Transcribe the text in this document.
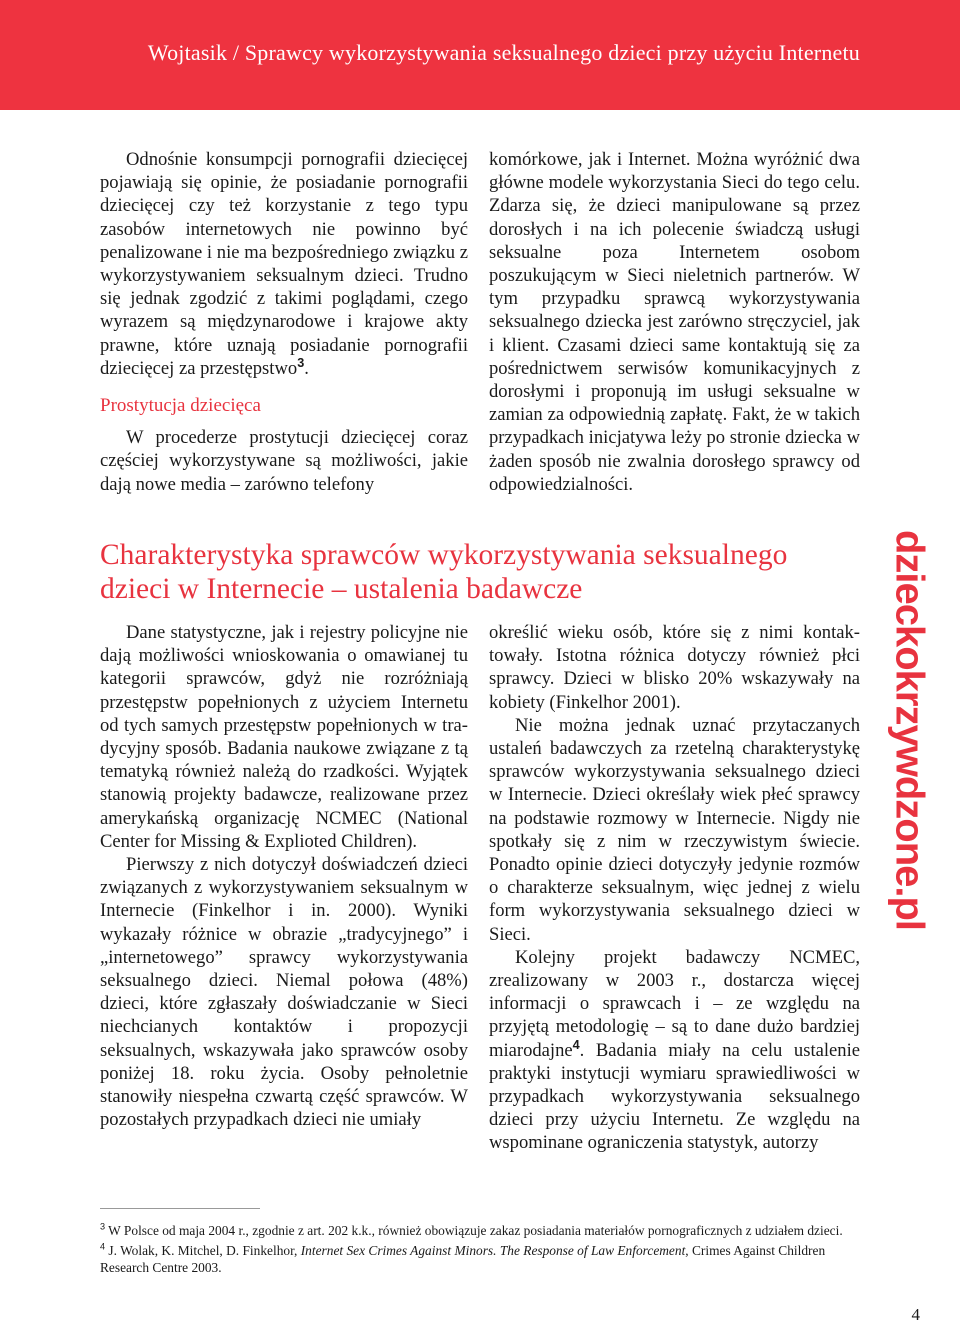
Wojtasik / Sprawcy wykorzystywania seksualnego dzieci przy użyciu Internetu

Odnośnie konsumpcji pornografii dziecięcej pojawiają się opinie, że posiadanie pornografii dziecięcej czy też korzystanie z tego typu zasobów internetowych nie powinno być penalizowane i nie ma bezpośredniego związku z wykorzystywaniem seksualnym dzieci. Trudno się jednak zgodzić z takimi poglądami, czego wyrazem są międzynarodowe i krajowe akty prawne, które uznają posiadanie pornografii dziecięcej za przestępstwo$^3$.

Prostytucja dziecięca

W procederze prostytucji dziecięcej coraz częściej wykorzystywane są możliwości, jakie dają nowe media – zarówno telefony

komórkowe, jak i Internet. Można wyróżnić dwa główne modele wykorzystania Sieci do tego celu. Zdarza się, że dzieci manipulowane są przez dorosłych i na ich polecenie świadczą usługi seksualne poza Internetem osobom poszukującym w Sieci nieletnich partnerów. W tym przypadku sprawcą wykorzystywania seksualnego dziecka jest zarówno stręczyciel, jak i klient. Czasami dzieci same kontaktują się za pośrednictwem serwisów komunikacyjnych z dorosłymi i proponują im usługi seksualne w zamian za odpowiednią zapłatę. Fakt, że w takich przypadkach inicjatywa leży po stronie dziecka w żaden sposób nie zwalnia dorosłego sprawcy od odpowiedzialności.

Charakterystyka sprawców wykorzystywania seksualnego dzieci w Internecie – ustalenia badawcze

Dane statystyczne, jak i rejestry policyjne nie dają możliwości wnioskowania o omawianej tu kategorii sprawców, gdyż nie rozróżniają przestępstw popełnionych z użyciem Internetu od tych samych przestępstw popełnionych w tradycyjny sposób. Badania naukowe związane z tą tematyką również należą do rzadkości. Wyjątek stanowią projekty badawcze, realizowane przez amerykańską organizację NCMEC (National Center for Missing & Explioted Children).

Pierwszy z nich dotyczył doświadczeń dzieci związanych z wykorzystywaniem seksualnym w Internecie (Finkelhor i in. 2000). Wyniki wykazały różnice w obrazie „tradycyjnego” i „internetowego” sprawcy wykorzystywania seksualnego dzieci. Niemal połowa (48%) dzieci, które zgłaszały doświadczanie w Sieci niechcianych kontaktów i propozycji seksualnych, wskazywała jako sprawców osoby poniżej 18. roku życia. Osoby pełnoletnie stanowiły niespełna czwartą część sprawców. W pozostałych przypadkach dzieci nie umiały

określić wieku osób, które się z nimi kontaktowały. Istotna różnica dotyczy również płci sprawcy. Dzieci w blisko 20% wskazywały na kobiety (Finkelhor 2001).

Nie można jednak uznać przytaczanych ustaleń badawczych za rzetelną charakterystykę sprawców wykorzystywania seksualnego dzieci w Internecie. Dzieci określały wiek płeć sprawcy na podstawie rozmowy w Internecie. Nigdy nie spotkały się z nim w rzeczywistym świecie. Ponadto opinie dzieci dotyczyły jedynie rozmów o charakterze seksualnym, więc jednej z wielu form wykorzystywania seksualnego dzieci w Sieci.

Kolejny projekt badawczy NCMEC, zrealizowany w 2003 r., dostarcza więcej informacji o sprawcach i – ze względu na przyjętą metodologię – są to dane dużo bardziej miarodajne$^4$. Badania miały na celu ustalenie praktyki instytucji wymiaru sprawiedliwości w przypadkach wykorzystywania seksualnego dzieci przy użyciu Internetu. Ze względu na wspominane ograniczenia statystyk, autorzy

dzieckokrzywdzone.pl

$^3$ W Polsce od maja 2004 r., zgodnie z art. 202 k.k., również obowiązuje zakaz posiadania materiałów pornograficznych z udziałem dzieci.

$^4$ J. Wolak, K. Mitchel, D. Finkelhor, Internet Sex Crimes Against Minors. The Response of Law Enforcement, Crimes Against Children Research Centre 2003.

4
